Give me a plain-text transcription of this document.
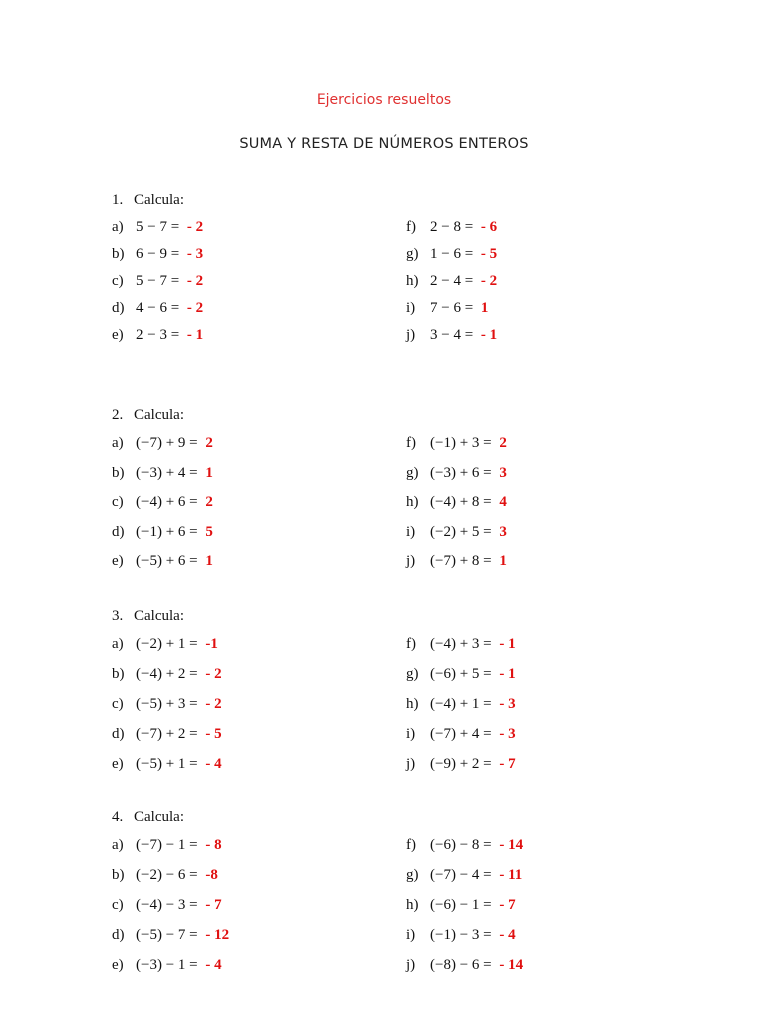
Ejercicios resueltos
SUMA Y RESTA DE NÚMEROS ENTEROS
1. Calcula:
a) 5 − 7 = - 2
b) 6 − 9 = - 3
c) 5 − 7 = - 2
d) 4 − 6 = - 2
e) 2 − 3 = - 1
f) 2 − 8 = - 6
g) 1 − 6 = - 5
h) 2 − 4 = - 2
i) 7 − 6 = 1
j) 3 − 4 = - 1
2. Calcula:
a) (−7) + 9 = 2
b) (−3) + 4 = 1
c) (−4) + 6 = 2
d) (−1) + 6 = 5
e) (−5) + 6 = 1
f) (−1) + 3 = 2
g) (−3) + 6 = 3
h) (−4) + 8 = 4
i) (−2) + 5 = 3
j) (−7) + 8 = 1
3. Calcula:
a) (−2) + 1 = -1
b) (−4) + 2 = - 2
c) (−5) + 3 = - 2
d) (−7) + 2 = - 5
e) (−5) + 1 = - 4
f) (−4) + 3 = - 1
g) (−6) + 5 = - 1
h) (−4) + 1 = - 3
i) (−7) + 4 = - 3
j) (−9) + 2 = - 7
4. Calcula:
a) (−7) − 1 = - 8
b) (−2) − 6 = -8
c) (−4) − 3 = - 7
d) (−5) − 7 = - 12
e) (−3) − 1 = - 4
f) (−6) − 8 = - 14
g) (−7) − 4 = - 11
h) (−6) − 1 = - 7
i) (−1) − 3 = - 4
j) (−8) − 6 = - 14
